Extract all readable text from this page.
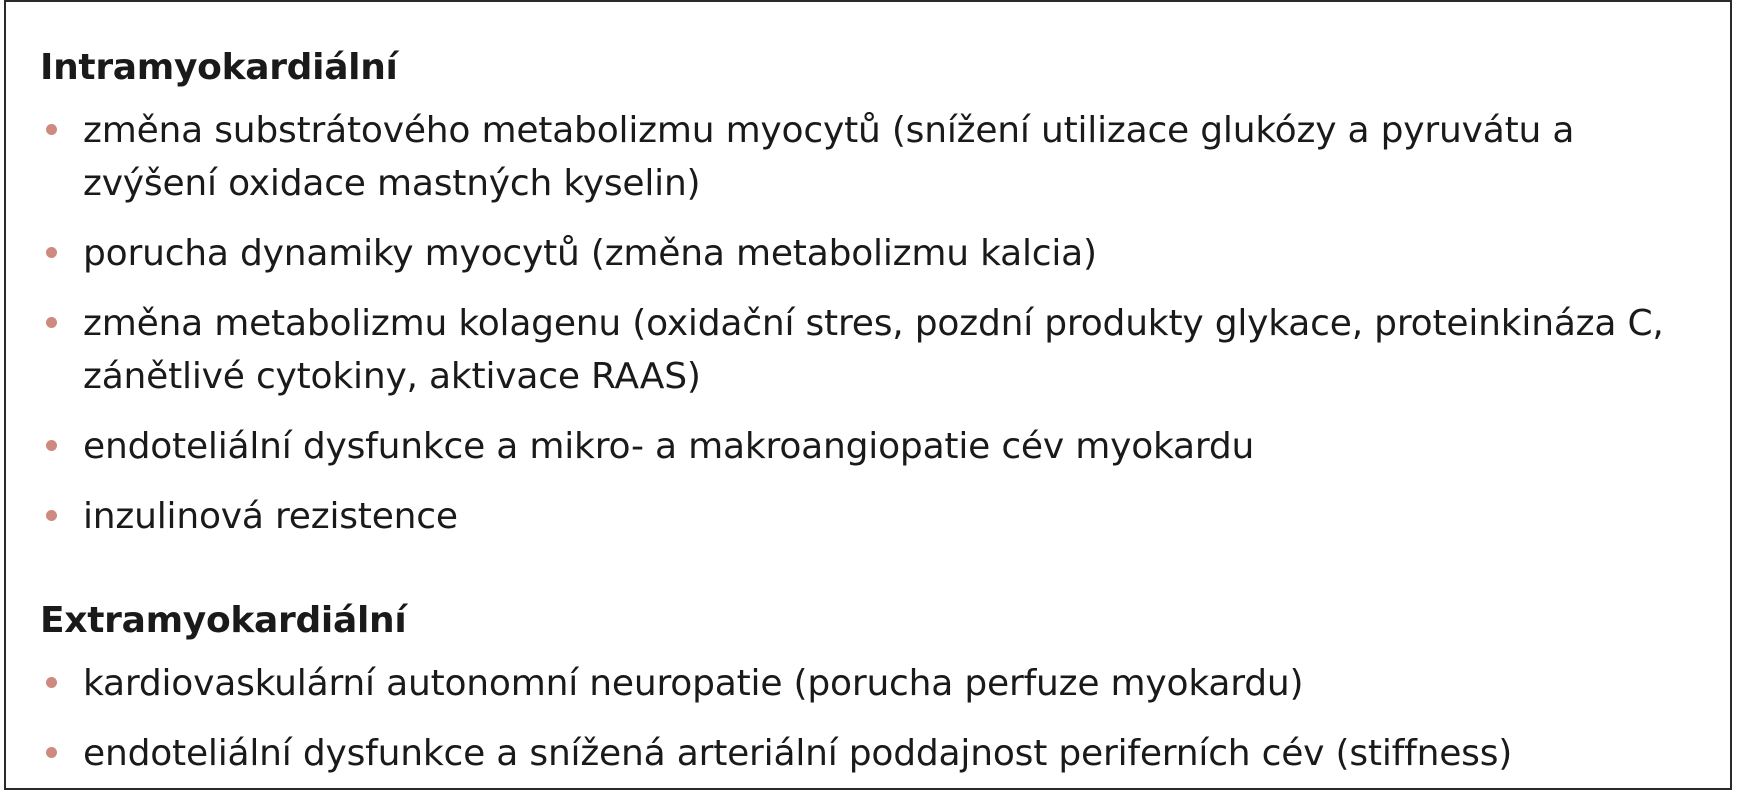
Intramyokardiální
změna substrátového metabolizmu myocytů (snížení utilizace glukózy a pyruvátu a zvýšení oxidace mastných kyselin)
porucha dynamiky myocytů (změna metabolizmu kalcia)
změna metabolizmu kolagenu (oxidační stres, pozdní produkty glykace, proteinkináza C, zánětlivé cytokiny, aktivace RAAS)
endoteliální dysfunkce a mikro- a makroangiopatie cév myokardu
inzulinová rezistence
Extramyokardiální
kardiovaskulární autonomní neuropatie (porucha perfuze myokardu)
endoteliální dysfunkce a snížená arteriální poddajnost periferních cév (stiffness)
